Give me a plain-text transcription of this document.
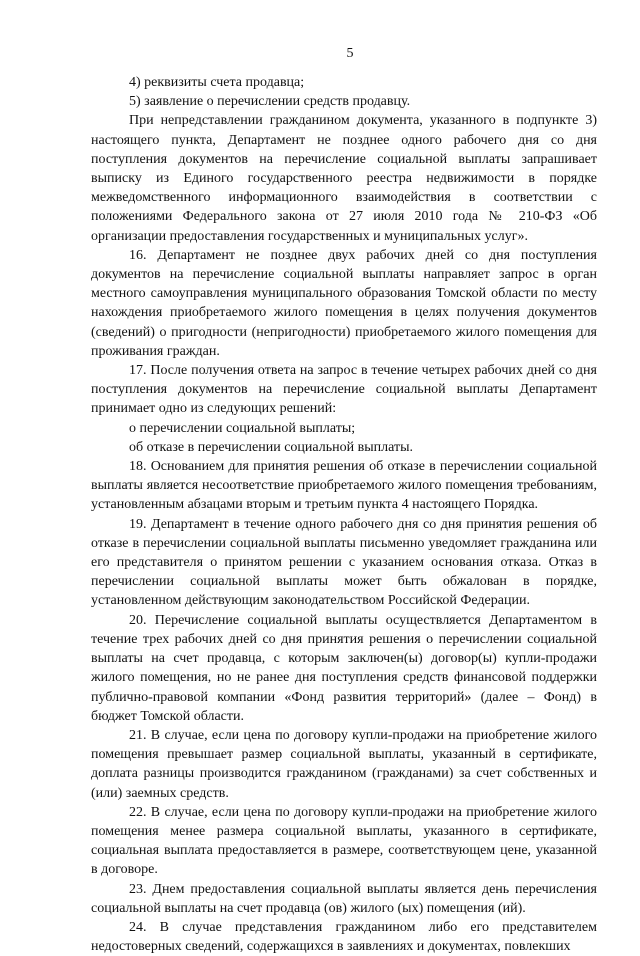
5

4) реквизиты счета продавца;

5) заявление о перечислении средств продавцу.

При непредставлении гражданином документа, указанного в подпункте 3) настоящего пункта, Департамент не позднее одного рабочего дня со дня поступления документов на перечисление социальной выплаты запрашивает выписку из Единого государственного реестра недвижимости в порядке межведомственного информационного взаимодействия в соответствии с положениями Федерального закона от 27 июля 2010 года № 210-ФЗ «Об организации предоставления государственных и муниципальных услуг».

16. Департамент не позднее двух рабочих дней со дня поступления документов на перечисление социальной выплаты направляет запрос в орган местного самоуправления муниципального образования Томской области по месту нахождения приобретаемого жилого помещения в целях получения документов (сведений) о пригодности (непригодности) приобретаемого жилого помещения для проживания граждан.

17. После получения ответа на запрос в течение четырех рабочих дней со дня поступления документов на перечисление социальной выплаты Департамент принимает одно из следующих решений:

о перечислении социальной выплаты;

об отказе в перечислении социальной выплаты.

18. Основанием для принятия решения об отказе в перечислении социальной выплаты является несоответствие приобретаемого жилого помещения требованиям, установленным абзацами вторым и третьим пункта 4 настоящего Порядка.

19. Департамент в течение одного рабочего дня со дня принятия решения об отказе в перечислении социальной выплаты письменно уведомляет гражданина или его представителя о принятом решении с указанием основания отказа. Отказ в перечислении социальной выплаты может быть обжалован в порядке, установленном действующим законодательством Российской Федерации.

20. Перечисление социальной выплаты осуществляется Департаментом в течение трех рабочих дней со дня принятия решения о перечислении социальной выплаты на счет продавца, с которым заключен(ы) договор(ы) купли-продажи жилого помещения, но не ранее дня поступления средств финансовой поддержки публично-правовой компании «Фонд развития территорий» (далее – Фонд) в бюджет Томской области.

21. В случае, если цена по договору купли-продажи на приобретение жилого помещения превышает размер социальной выплаты, указанный в сертификате, доплата разницы производится гражданином (гражданами) за счет собственных и (или) заемных средств.

22. В случае, если цена по договору купли-продажи на приобретение жилого помещения менее размера социальной выплаты, указанного в сертификате, социальная выплата предоставляется в размере, соответствующем цене, указанной в договоре.

23. Днем предоставления социальной выплаты является день перечисления социальной выплаты на счет продавца (ов) жилого (ых) помещения (ий).

24. В случае представления гражданином либо его представителем недостоверных сведений, содержащихся в заявлениях и документах, повлекших
